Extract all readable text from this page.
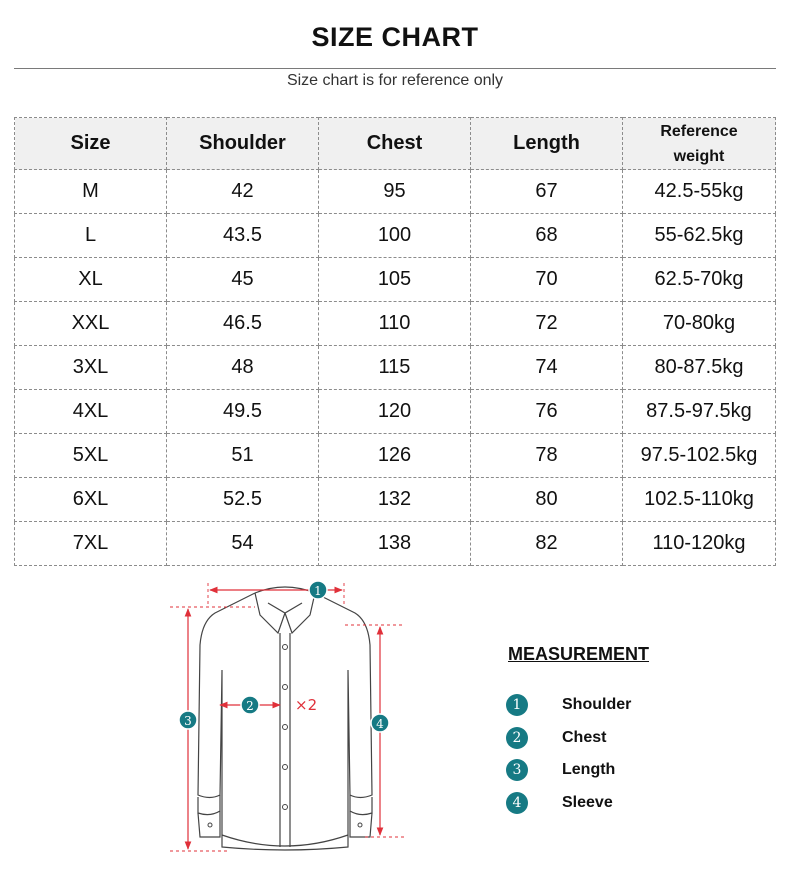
SIZE CHART
Size chart is for reference only
Size	Shoulder	Chest	Length	Reference weight
M	42	95	67	42.5-55kg
L	43.5	100	68	55-62.5kg
XL	45	105	70	62.5-70kg
XXL	46.5	110	72	70-80kg
3XL	48	115	74	80-87.5kg
4XL	49.5	120	76	87.5-97.5kg
5XL	51	126	78	97.5-102.5kg
6XL	52.5	132	80	102.5-110kg
7XL	54	138	82	110-120kg
×2
1
2
3	4
MEASUREMENT
1	Shoulder
2	Chest
3	Length
4	Sleeve
